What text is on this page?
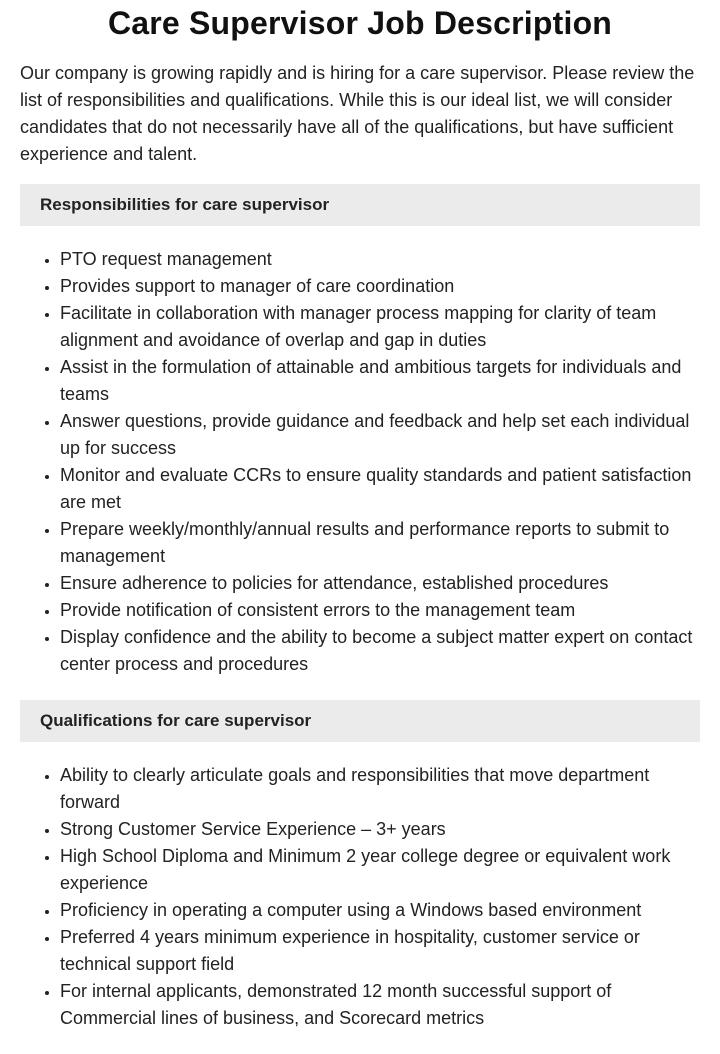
Care Supervisor Job Description

Our company is growing rapidly and is hiring for a care supervisor. Please review the list of responsibilities and qualifications. While this is our ideal list, we will consider candidates that do not necessarily have all of the qualifications, but have sufficient experience and talent.

Responsibilities for care supervisor
• PTO request management
• Provides support to manager of care coordination
• Facilitate in collaboration with manager process mapping for clarity of team alignment and avoidance of overlap and gap in duties
• Assist in the formulation of attainable and ambitious targets for individuals and teams
• Answer questions, provide guidance and feedback and help set each individual up for success
• Monitor and evaluate CCRs to ensure quality standards and patient satisfaction are met
• Prepare weekly/monthly/annual results and performance reports to submit to management
• Ensure adherence to policies for attendance, established procedures
• Provide notification of consistent errors to the management team
• Display confidence and the ability to become a subject matter expert on contact center process and procedures
Qualifications for care supervisor
• Ability to clearly articulate goals and responsibilities that move department forward
• Strong Customer Service Experience – 3+ years
• High School Diploma and Minimum 2 year college degree or equivalent work experience
• Proficiency in operating a computer using a Windows based environment
• Preferred 4 years minimum experience in hospitality, customer service or technical support field
• For internal applicants, demonstrated 12 month successful support of Commercial lines of business, and Scorecard metrics
